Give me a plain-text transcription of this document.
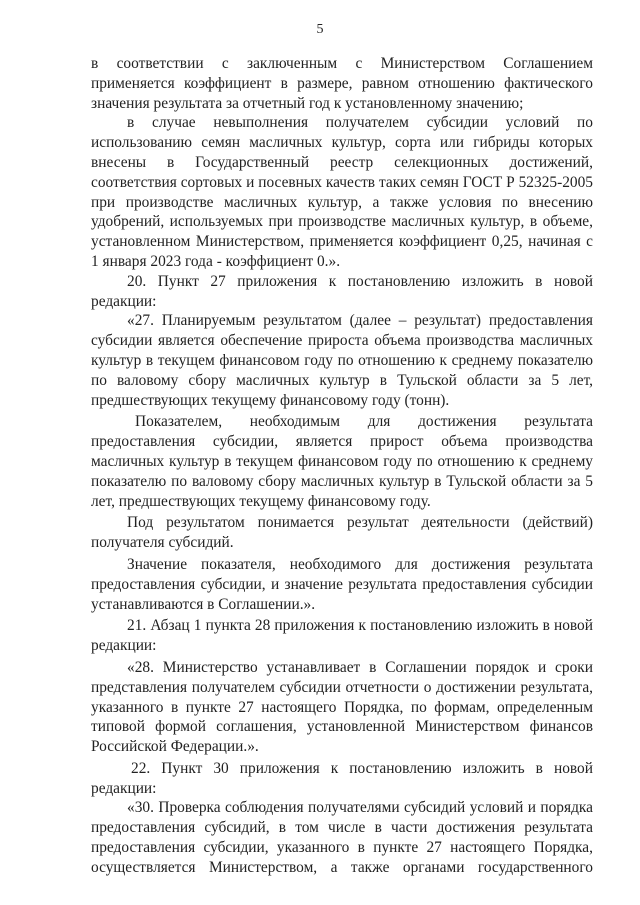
5

в соответствии с заключенным с Министерством Соглашением применяется коэффициент в размере, равном отношению фактического значения результата за отчетный год к установленному значению;

в случае невыполнения получателем субсидии условий по использованию семян масличных культур, сорта или гибриды которых внесены в Государственный реестр селекционных достижений, соответствия сортовых и посевных качеств таких семян ГОСТ Р 52325-2005 при производстве масличных культур, а также условия по внесению удобрений, используемых при производстве масличных культур, в объеме, установленном Министерством, применяется коэффициент 0,25, начиная с 1 января 2023 года - коэффициент 0.».

20. Пункт 27 приложения к постановлению изложить в новой редакции:

«27. Планируемым результатом (далее – результат) предоставления субсидии является обеспечение прироста объема производства масличных культур в текущем финансовом году по отношению к среднему показателю по валовому сбору масличных культур в Тульской области за 5 лет, предшествующих текущему финансовому году (тонн).

Показателем, необходимым для достижения результата предоставления субсидии, является прирост объема производства масличных культур в текущем финансовом году по отношению к среднему показателю по валовому сбору масличных культур в Тульской области за 5 лет, предшествующих текущему финансовому году.

Под результатом понимается результат деятельности (действий) получателя субсидий.

Значение показателя, необходимого для достижения результата предоставления субсидии, и значение результата предоставления субсидии устанавливаются в Соглашении.».

21. Абзац 1 пункта 28 приложения к постановлению изложить в новой редакции:

«28. Министерство устанавливает в Соглашении порядок и сроки представления получателем субсидии отчетности о достижении результата, указанного в пункте 27 настоящего Порядка, по формам, определенным типовой формой соглашения, установленной Министерством финансов Российской Федерации.».

22. Пункт 30 приложения к постановлению изложить в новой редакции:

«30. Проверка соблюдения получателями субсидий условий и порядка предоставления субсидий, в том числе в части достижения результата предоставления субсидии, указанного в пункте 27 настоящего Порядка, осуществляется Министерством, а также органами государственного
